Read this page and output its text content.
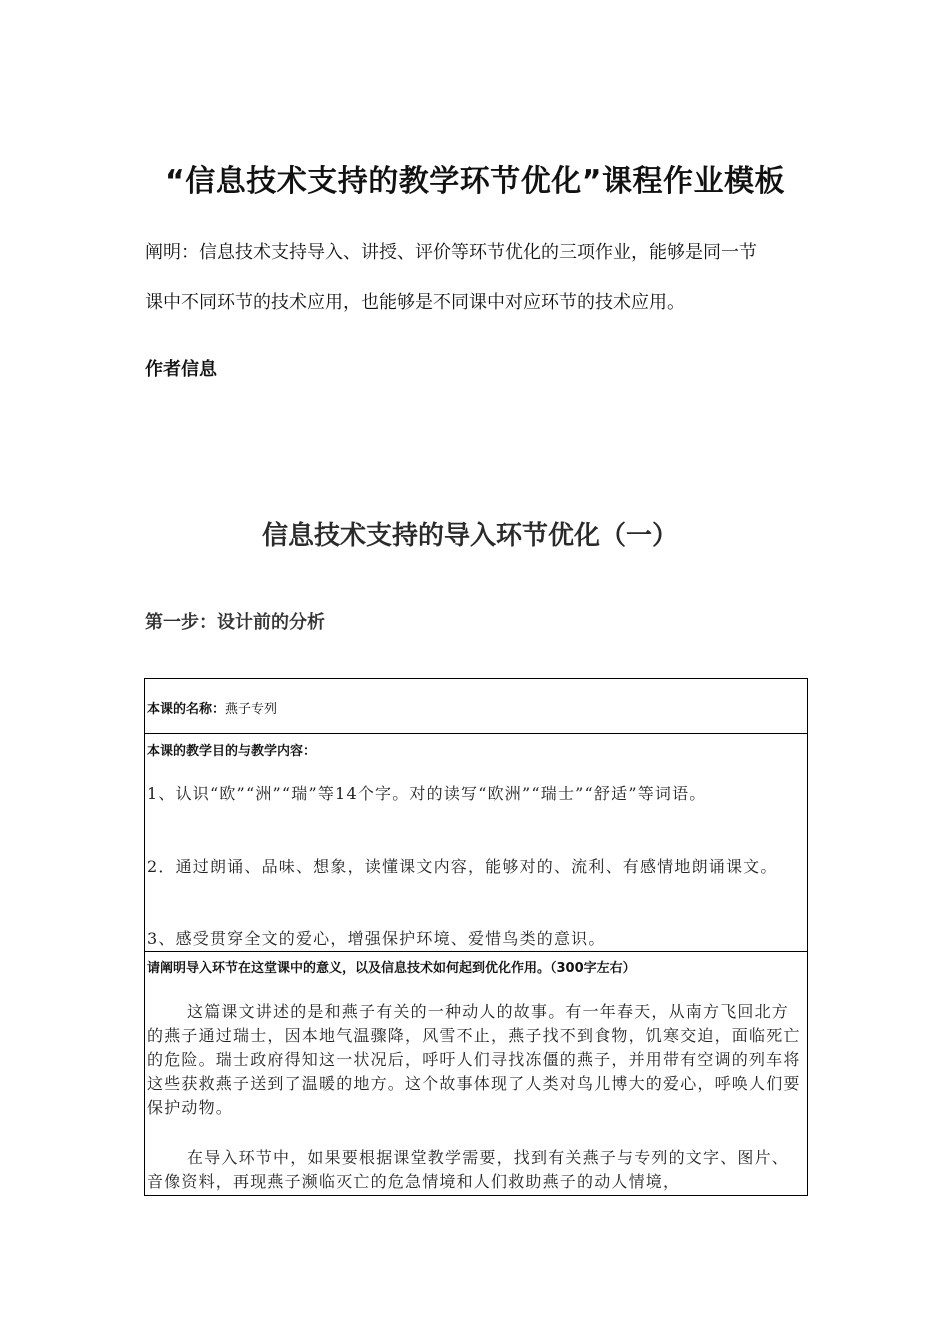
“信息技术支持的教学环节优化”课程作业模板
阐明：信息技术支持导入、讲授、评价等环节优化的三项作业，能够是同一节
课中不同环节的技术应用，也能够是不同课中对应环节的技术应用。
作者信息
信息技术支持的导入环节优化（一）
第一步：设计前的分析
本课的名称：燕子专列
本课的教学目的与教学内容：

1、认识“欧”“洲”“瑞”等14个字。对的读写“欧洲”“瑞士”“舒适”等词语。

2．通过朗诵、品味、想象，读懂课文内容，能够对的、流利、有感情地朗诵课文。

3、感受贯穿全文的爱心，增强保护环境、爱惜鸟类的意识。

请阐明导入环节在这堂课中的意义，以及信息技术如何起到优化作用。（300字左右）

这篇课文讲述的是和燕子有关的一种动人的故事。有一年春天，从南方飞回北方的燕子通过瑞士，因本地气温骤降，风雪不止，燕子找不到食物，饥寒交迫，面临死亡的危险。瑞士政府得知这一状况后，呼吁人们寻找冻僵的燕子，并用带有空调的列车将这些获救燕子送到了温暖的地方。这个故事体现了人类对鸟儿博大的爱心，呼唤人们要保护动物。

在导入环节中，如果要根据课堂教学需要，找到有关燕子与专列的文字、图片、音像资料，再现燕子濒临灭亡的危急情境和人们救助燕子的动人情境，
